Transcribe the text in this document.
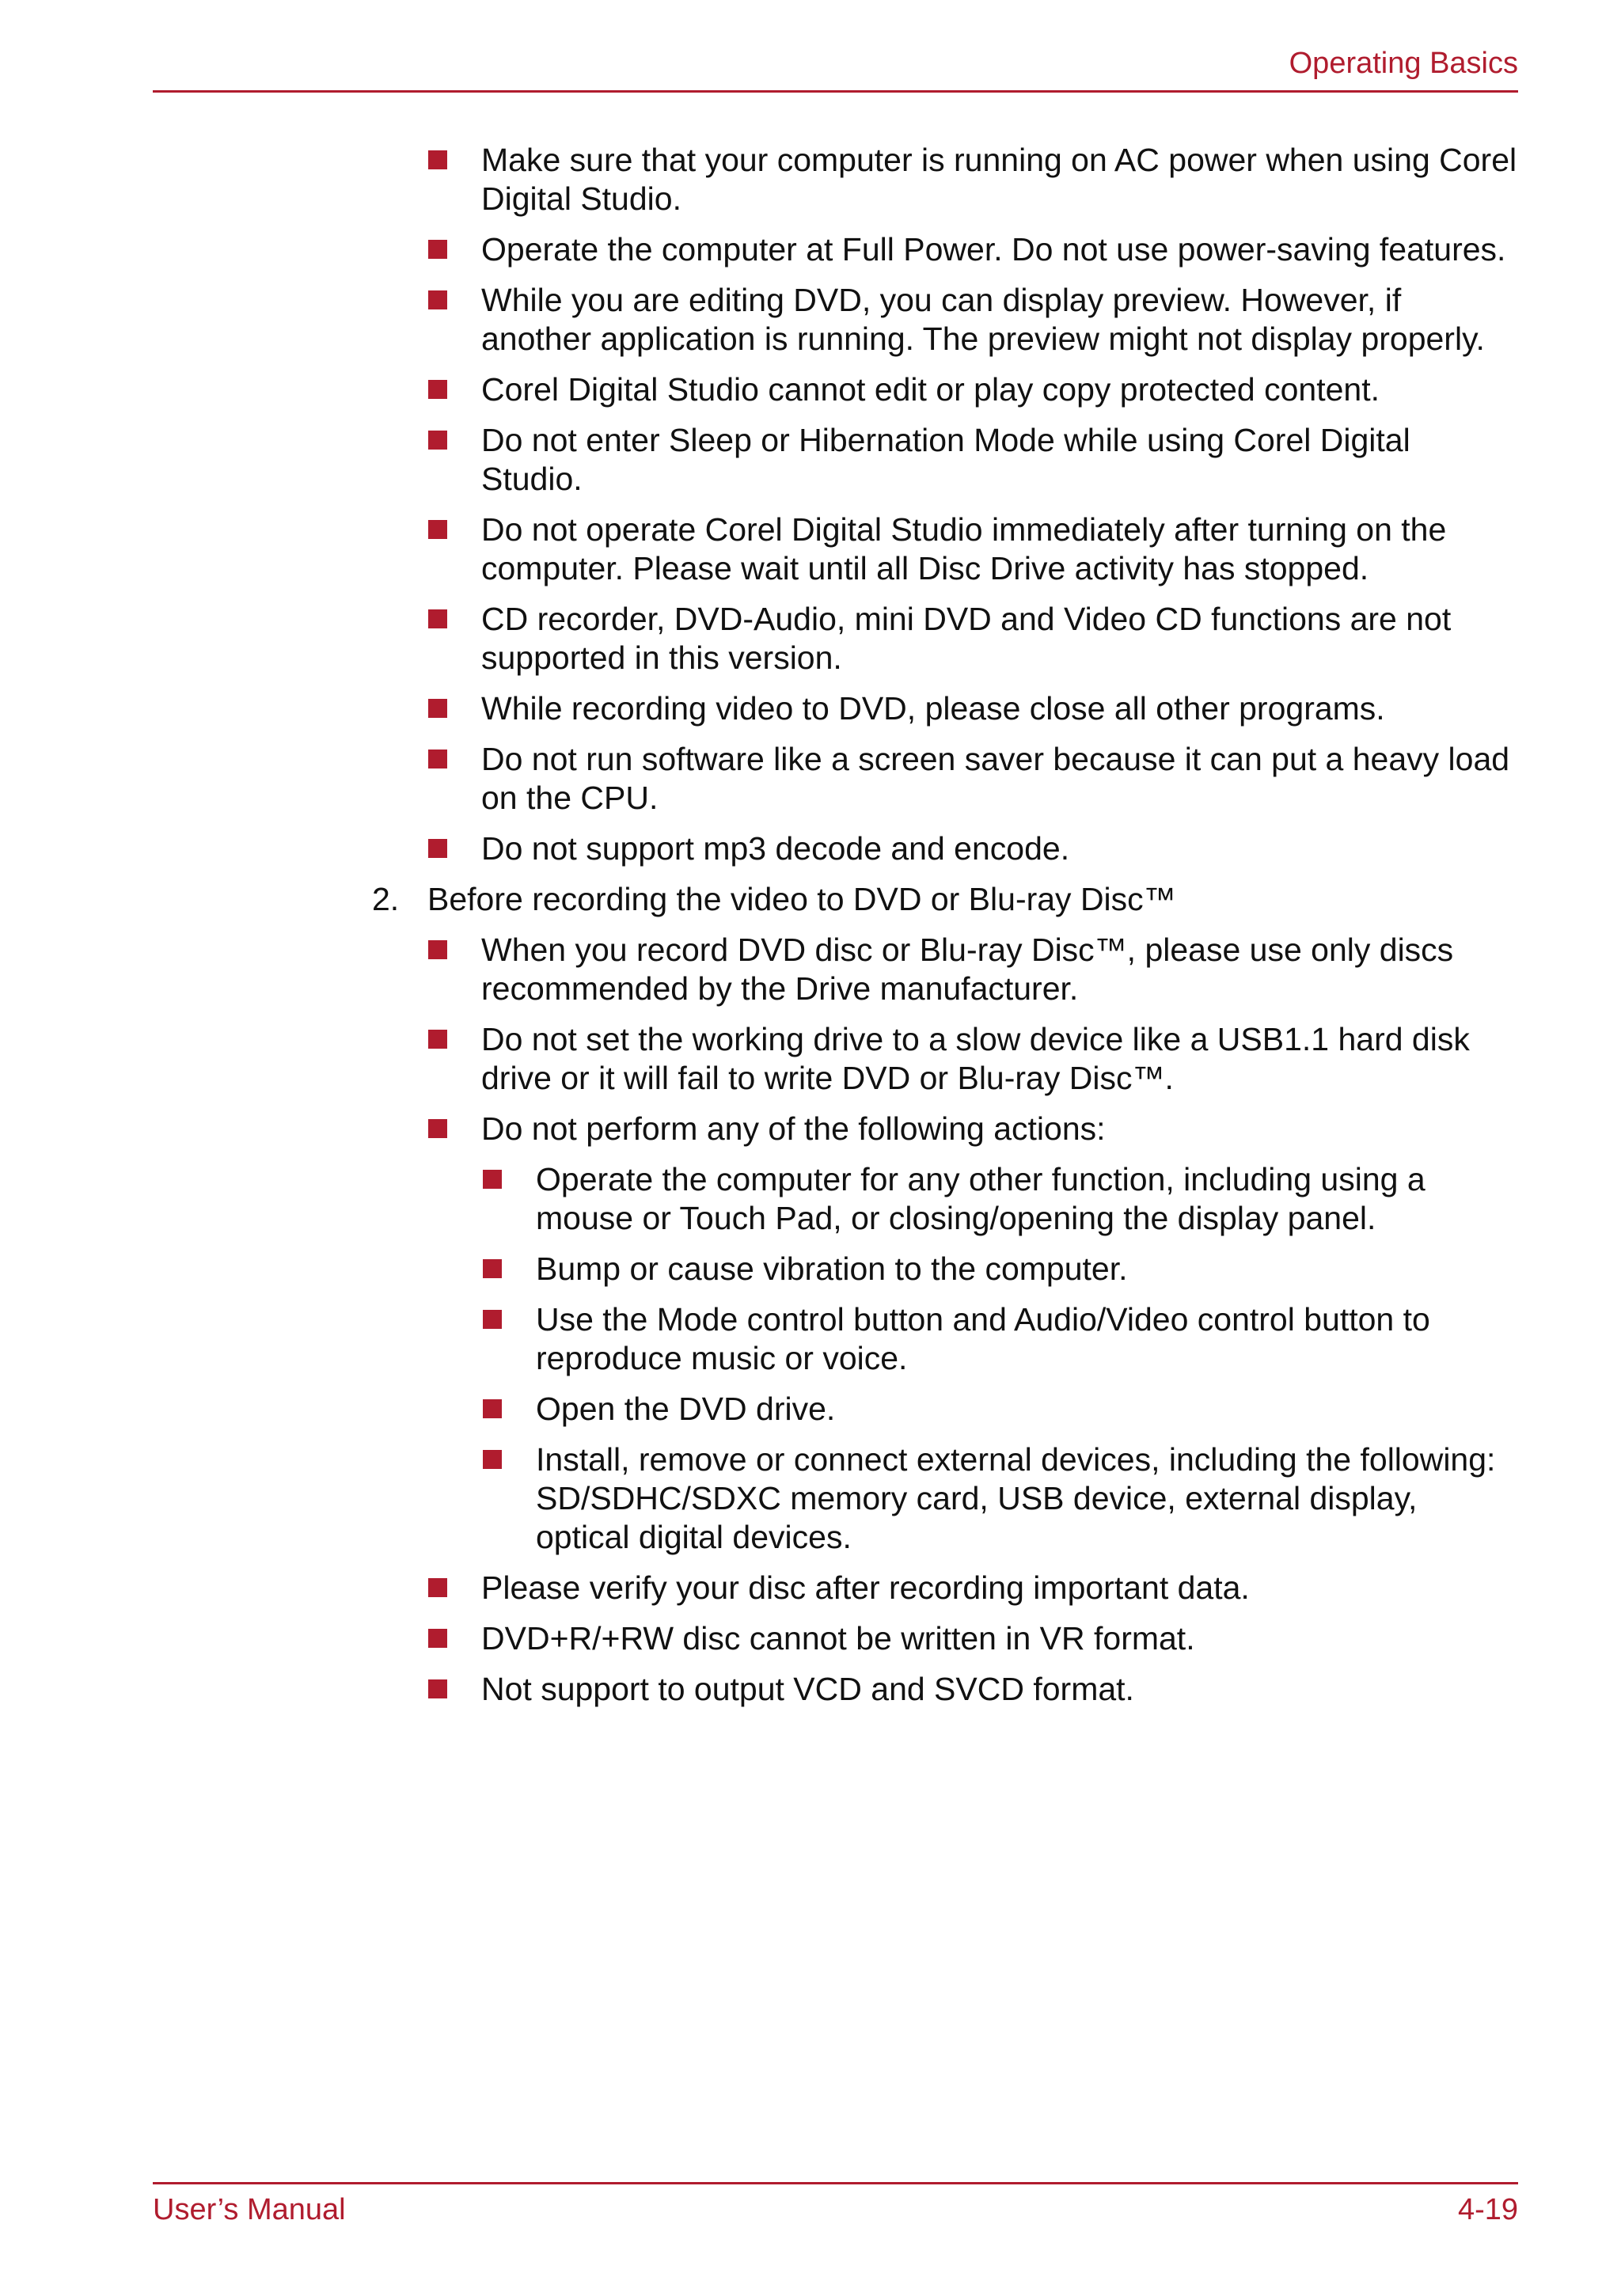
Operating Basics
Make sure that your computer is running on AC power when using Corel Digital Studio.
Operate the computer at Full Power. Do not use power-saving features.
While you are editing DVD, you can display preview. However, if another application is running. The preview might not display properly.
Corel Digital Studio cannot edit or play copy protected content.
Do not enter Sleep or Hibernation Mode while using Corel Digital Studio.
Do not operate Corel Digital Studio immediately after turning on the computer. Please wait until all Disc Drive activity has stopped.
CD recorder, DVD-Audio, mini DVD and Video CD functions are not supported in this version.
While recording video to DVD, please close all other programs.
Do not run software like a screen saver because it can put a heavy load on the CPU.
Do not support mp3 decode and encode.
2. Before recording the video to DVD or Blu-ray Disc™
When you record DVD disc or Blu-ray Disc™, please use only discs recommended by the Drive manufacturer.
Do not set the working drive to a slow device like a USB1.1 hard disk drive or it will fail to write DVD or Blu-ray Disc™.
Do not perform any of the following actions:
Operate the computer for any other function, including using a mouse or Touch Pad, or closing/opening the display panel.
Bump or cause vibration to the computer.
Use the Mode control button and Audio/Video control button to reproduce music or voice.
Open the DVD drive.
Install, remove or connect external devices, including the following: SD/SDHC/SDXC memory card, USB device, external display, optical digital devices.
Please verify your disc after recording important data.
DVD+R/+RW disc cannot be written in VR format.
Not support to output VCD and SVCD format.
User’s Manual	4-19
